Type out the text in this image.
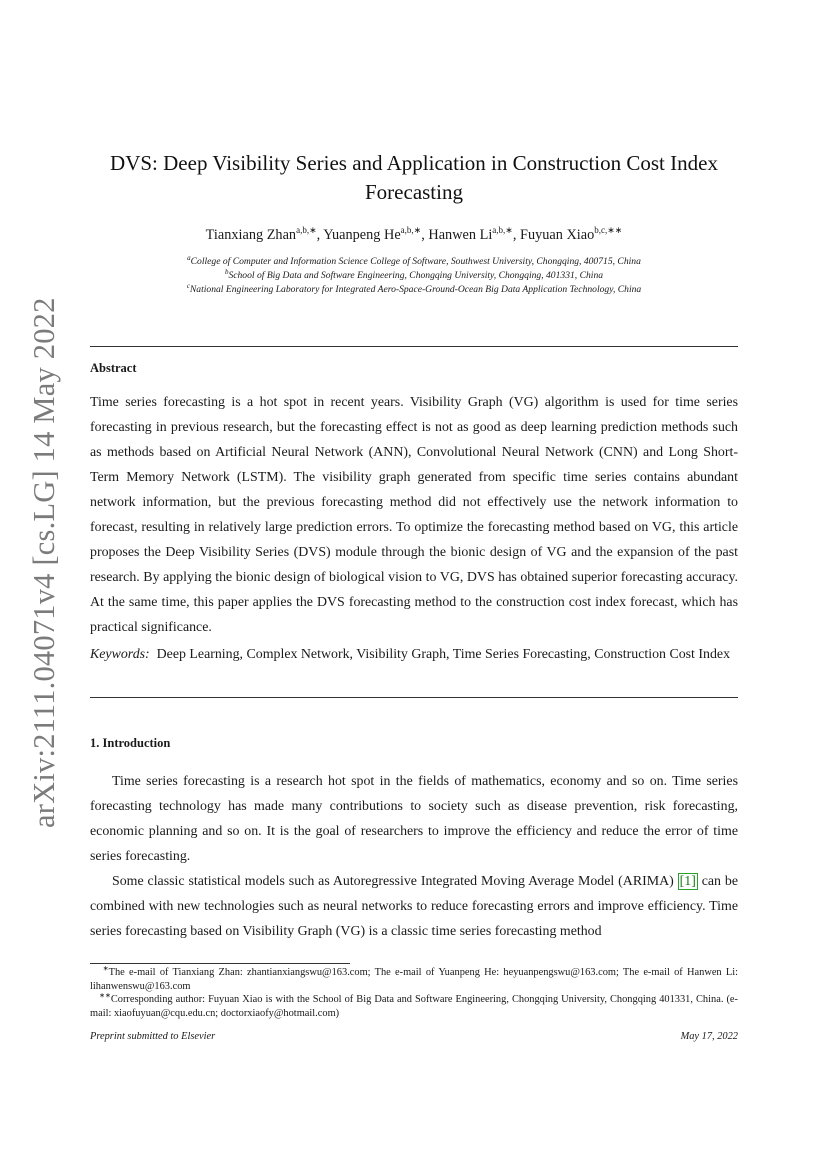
arXiv:2111.04071v4 [cs.LG] 14 May 2022
DVS: Deep Visibility Series and Application in Construction Cost Index
Forecasting
Tianxiang Zhan$^{a,b,∗}$, Yuanpeng $He^{a,b,∗}$, Hanwen $Li^{a,b,∗}$, Fuyuan Xiao$^{b,c,∗∗}$
$^a$College of Computer and Information Science College of Software, Southwest University, Chongqing, 400715, China
$^b$School of Big Data and Software Engineering, Chongqing University, Chongqing, 401331, China
$^c$National Engineering Laboratory for Integrated Aero-Space-Ground-Ocean Big Data Application Technology, China
Abstract
Time series forecasting is a hot spot in recent years. Visibility Graph (VG) algorithm is used for time series forecasting in previous research, but the forecasting effect is not as good as deep learning prediction methods such as methods based on Artificial Neural Network (ANN), Convolutional Neural Network (CNN) and Long Short-Term Memory Network (LSTM). The visibility graph generated from specific time series contains abundant network information, but the previous forecasting method did not effectively use the network information to forecast, resulting in relatively large prediction errors. To optimize the forecasting method based on VG, this article proposes the Deep Visibility Series (DVS) module through the bionic design of VG and the expansion of the past research. By applying the bionic design of biological vision to VG, DVS has obtained superior forecasting accuracy. At the same time, this paper applies the DVS forecasting method to the construction cost index forecast, which has practical significance.
Keywords: Deep Learning, Complex Network, Visibility Graph, Time Series Forecasting, Construction Cost Index
1. Introduction
Time series forecasting is a research hot spot in the fields of mathematics, economy and so on. Time series forecasting technology has made many contributions to society such as disease prevention, risk forecasting, economic planning and so on. It is the goal of researchers to improve the efficiency and reduce the error of time series forecasting.
Some classic statistical models such as Autoregressive Integrated Moving Average Model (ARIMA) [1] can be combined with new technologies such as neural networks to reduce forecasting errors and improve efficiency. Time series forecasting based on Visibility Graph (VG) is a classic time series forecasting method
∗The e-mail of Tianxiang Zhan: zhantianxiangswu@163.com; The e-mail of Yuanpeng He: heyuanpengswu@163.com; The e-mail of Hanwen Li: lihanwenswu@163.com
∗∗Corresponding author: Fuyuan Xiao is with the School of Big Data and Software Engineering, Chongqing University, Chongqing 401331, China. (e-mail: xiaofuyuan@cqu.edu.cn; doctorxiaofy@hotmail.com)
Preprint submitted to Elsevier	May 17, 2022
